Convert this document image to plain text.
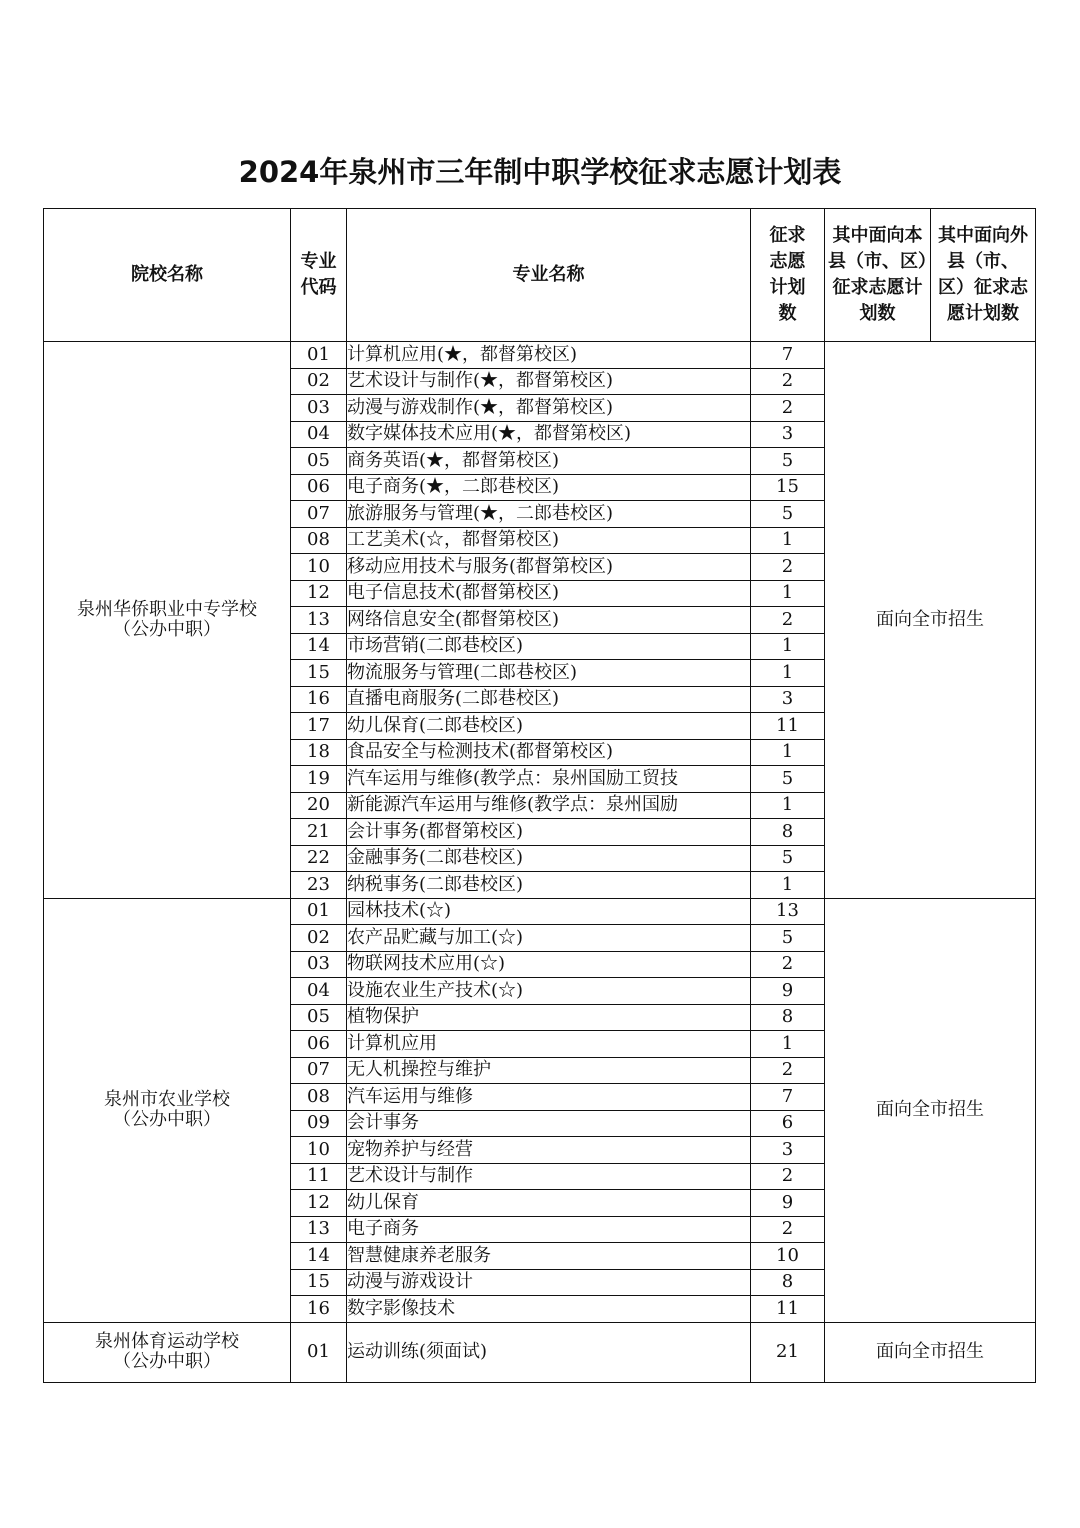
2024年泉州市三年制中职学校征求志愿计划表
院校名称	专业代码	专业名称	征求志愿计划数	其中面向本县（市、区）征求志愿计划数	其中面向外县（市、区）征求志愿计划数

泉州华侨职业中专学校
（公办中职）	01	计算机应用(★，都督第校区)	7	面向全市招生	
	02	艺术设计与制作(★，都督第校区)	2		
	03	动漫与游戏制作(★，都督第校区)	2		
	04	数字媒体技术应用(★，都督第校区)	3		
	05	商务英语(★，都督第校区)	5		
	06	电子商务(★，二郎巷校区)	15		
	07	旅游服务与管理(★，二郎巷校区)	5		
	08	工艺美术(☆，都督第校区)	1		
	10	移动应用技术与服务(都督第校区)	2		
	12	电子信息技术(都督第校区)	1		
	13	网络信息安全(都督第校区)	2		
	14	市场营销(二郎巷校区)	1		
	15	物流服务与管理(二郎巷校区)	1		
	16	直播电商服务(二郎巷校区)	3		
	17	幼儿保育(二郎巷校区)	11		
	18	食品安全与检测技术(都督第校区)	1		
	19	汽车运用与维修(教学点：泉州国励工贸技	5		
	20	新能源汽车运用与维修(教学点：泉州国励	1		
	21	会计事务(都督第校区)	8		
	22	金融事务(二郎巷校区)	5		
	23	纳税事务(二郎巷校区)	1		

泉州市农业学校
（公办中职）	01	园林技术(☆)	13	面向全市招生	
	02	农产品贮藏与加工(☆)	5		
	03	物联网技术应用(☆)	2		
	04	设施农业生产技术(☆)	9		
	05	植物保护	8		
	06	计算机应用	1		
	07	无人机操控与维护	2		
	08	汽车运用与维修	7		
	09	会计事务	6		
	10	宠物养护与经营	3		
	11	艺术设计与制作	2		
	12	幼儿保育	9		
	13	电子商务	2		
	14	智慧健康养老服务	10		
	15	动漫与游戏设计	8		
	16	数字影像技术	11		

泉州体育运动学校
（公办中职）	01	运动训练(须面试)	21	面向全市招生	
